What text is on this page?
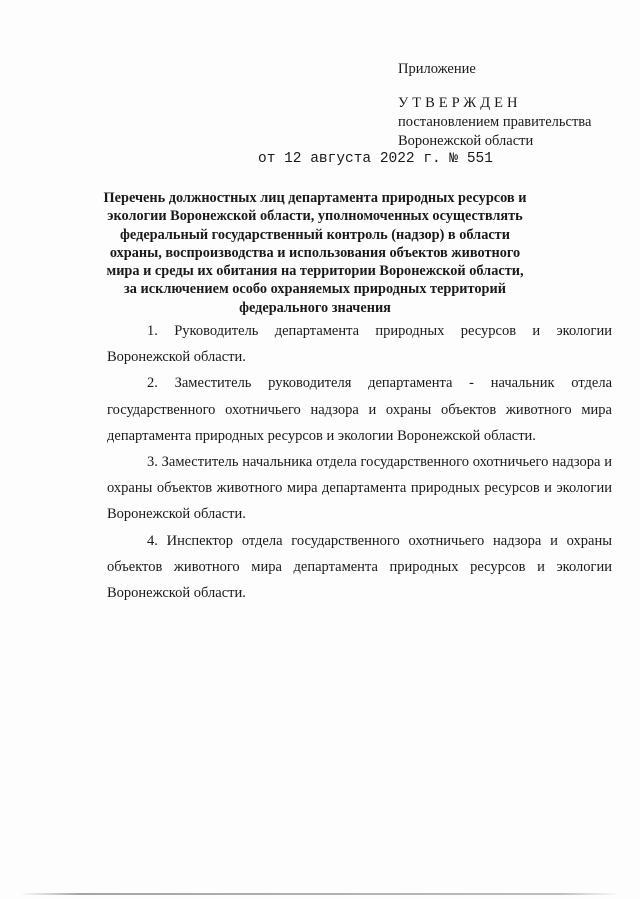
Приложение
УТВЕРЖДЕН
постановлением правительства
Воронежской области
от 12 августа 2022 г. № 551
Перечень должностных лиц департамента природных ресурсов и экологии Воронежской области, уполномоченных осуществлять федеральный государственный контроль (надзор) в области охраны, воспроизводства и использования объектов животного мира и среды их обитания на территории Воронежской области, за исключением особо охраняемых природных территорий федерального значения

1. Руководитель департамента природных ресурсов и экологии Воронежской области.

2. Заместитель руководителя департамента - начальник отдела государственного охотничьего надзора и охраны объектов животного мира департамента природных ресурсов и экологии Воронежской области.

3. Заместитель начальника отдела государственного охотничьего надзора и охраны объектов животного мира департамента природных ресурсов и экологии Воронежской области.

4. Инспектор отдела государственного охотничьего надзора и охраны объектов животного мира департамента природных ресурсов и экологии Воронежской области.
